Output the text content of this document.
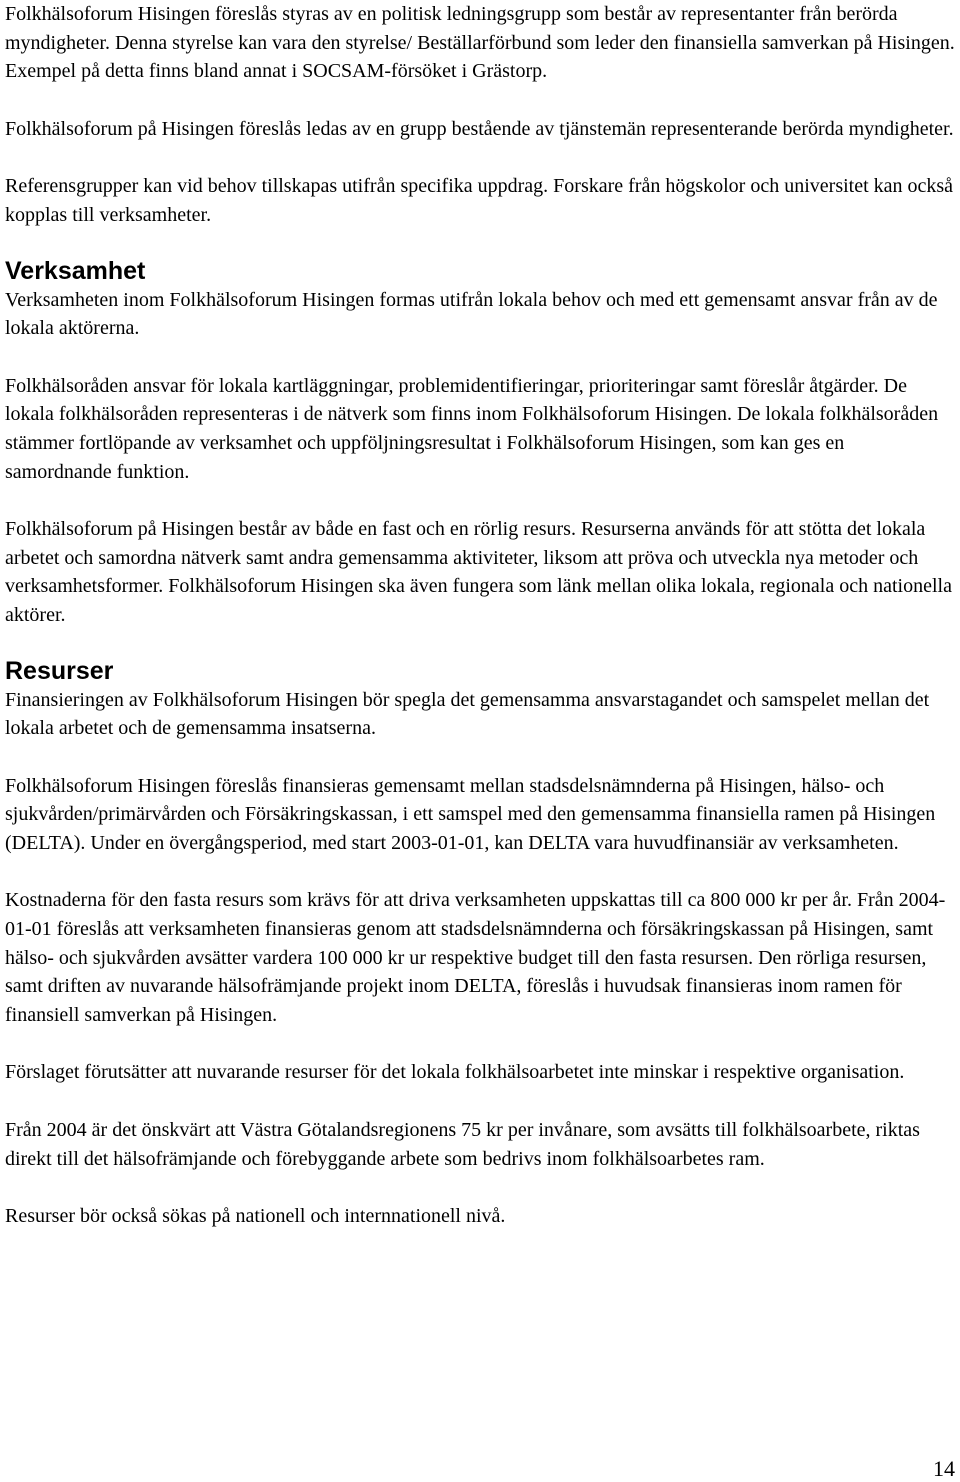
Folkhälsoforum Hisingen föreslås styras av en politisk ledningsgrupp som består av representanter från berörda myndigheter. Denna styrelse kan vara den styrelse/ Beställarförbund som leder den finansiella samverkan på Hisingen. Exempel på detta finns bland annat i SOCSAM-försöket i Grästorp.

Folkhälsoforum på Hisingen föreslås ledas av en grupp bestående av tjänstemän representerande berörda myndigheter.

Referensgrupper kan vid behov tillskapas utifrån specifika uppdrag. Forskare från högskolor och universitet kan också kopplas till verksamheter.

Verksamhet

Verksamheten inom Folkhälsoforum Hisingen formas utifrån lokala behov och med ett gemensamt ansvar från av de lokala aktörerna.

Folkhälsoråden ansvar för lokala kartläggningar, problemidentifieringar, prioriteringar samt föreslår åtgärder. De lokala folkhälsoråden representeras i de nätverk som finns inom Folkhälsoforum Hisingen. De lokala folkhälsoråden stämmer fortlöpande av verksamhet och uppföljningsresultat i Folkhälsoforum Hisingen, som kan ges en samordnande funktion.

Folkhälsoforum på Hisingen består av både en fast och en rörlig resurs. Resurserna används för att stötta det lokala arbetet och samordna nätverk samt andra gemensamma aktiviteter, liksom att pröva och utveckla nya metoder och verksamhetsformer. Folkhälsoforum Hisingen ska även fungera som länk mellan olika lokala, regionala och nationella aktörer.

Resurser

Finansieringen av Folkhälsoforum Hisingen bör spegla det gemensamma ansvarstagandet och samspelet mellan det lokala arbetet och de gemensamma insatserna.

Folkhälsoforum Hisingen föreslås finansieras gemensamt mellan stadsdelsnämnderna på Hisingen, hälso- och sjukvården/primärvården och Försäkringskassan, i ett samspel med den gemensamma finansiella ramen på Hisingen (DELTA). Under en övergångsperiod, med start 2003-01-01, kan DELTA vara huvudfinansiär av verksamheten.

Kostnaderna för den fasta resurs som krävs för att driva verksamheten uppskattas till ca 800 000 kr per år. Från 2004-01-01 föreslås att verksamheten finansieras genom att stadsdelsnämnderna och försäkringskassan på Hisingen, samt hälso- och sjukvården avsätter vardera 100 000 kr ur respektive budget till den fasta resursen. Den rörliga resursen, samt driften av nuvarande hälsofrämjande projekt inom DELTA, föreslås i huvudsak finansieras inom ramen för finansiell samverkan på Hisingen.

Förslaget förutsätter att nuvarande resurser för det lokala folkhälsoarbetet inte minskar i respektive organisation.

Från 2004 är det önskvärt att Västra Götalandsregionens 75 kr per invånare, som avsätts till folkhälsoarbete, riktas direkt till det hälsofrämjande och förebyggande arbete som bedrivs inom folkhälsoarbetes ram.

Resurser bör också sökas på nationell och internnationell nivå.

14
